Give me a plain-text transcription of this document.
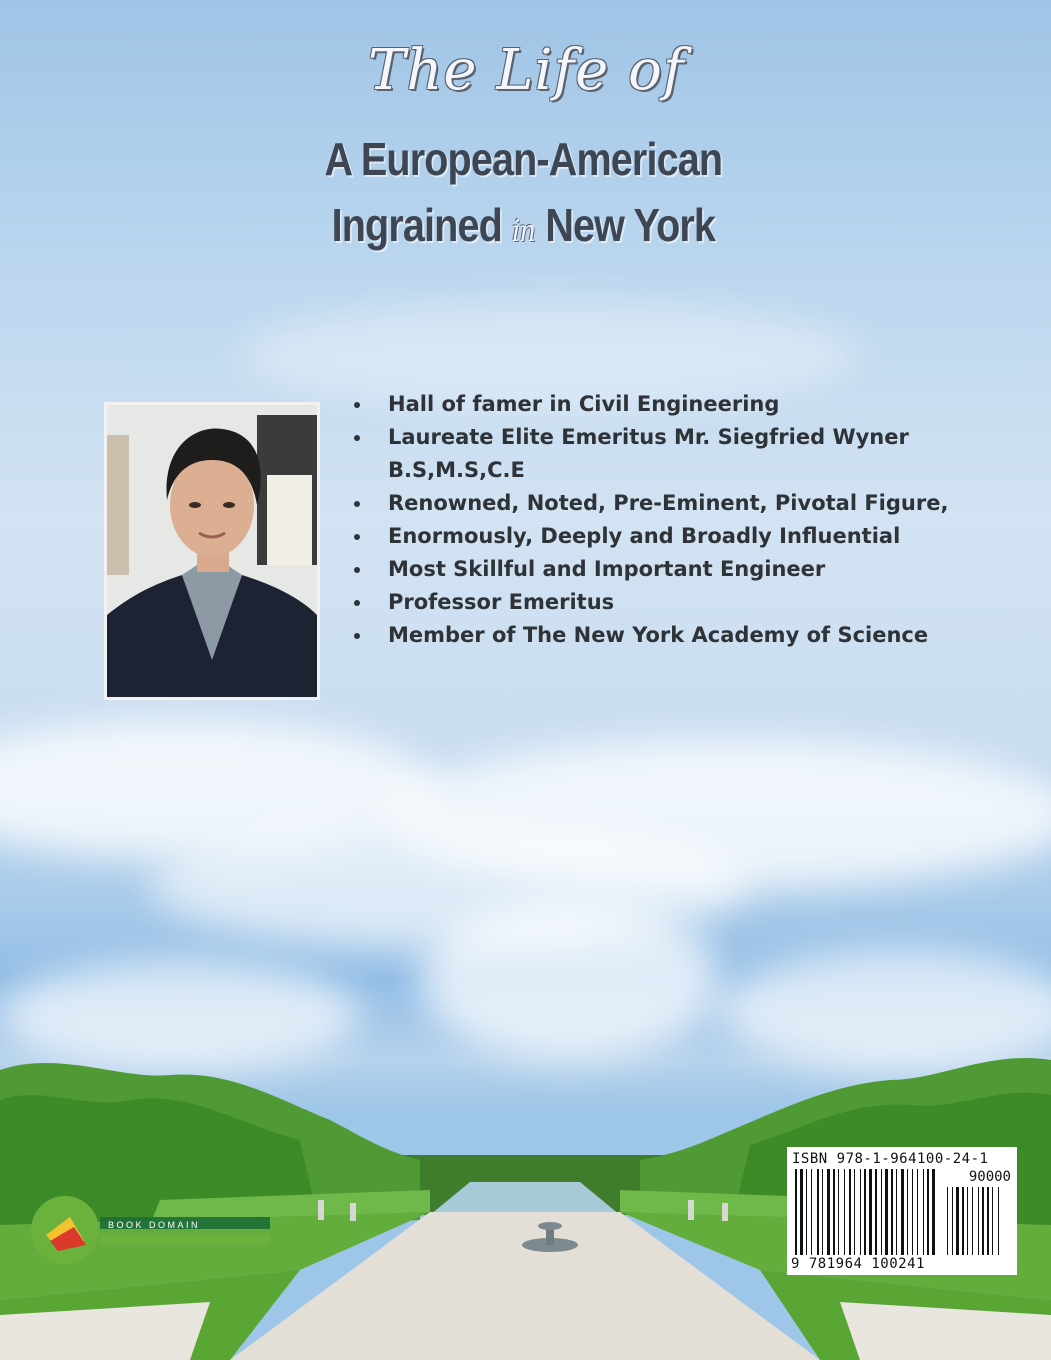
The Life of
A European-American
Ingrained in New York
Hall of famer in Civil Engineering
Laureate Elite Emeritus Mr. Siegfried Wyner B.S,M.S,C.E
Renowned, Noted, Pre-Eminent, Pivotal Figure,
Enormously, Deeply and Broadly Influential
Most Skillful and Important Engineer
Professor Emeritus
Member of The New York Academy of Science
BOOK DOMAIN
ISBN 978-1-964100-24-1
90000
9 781964 100241
